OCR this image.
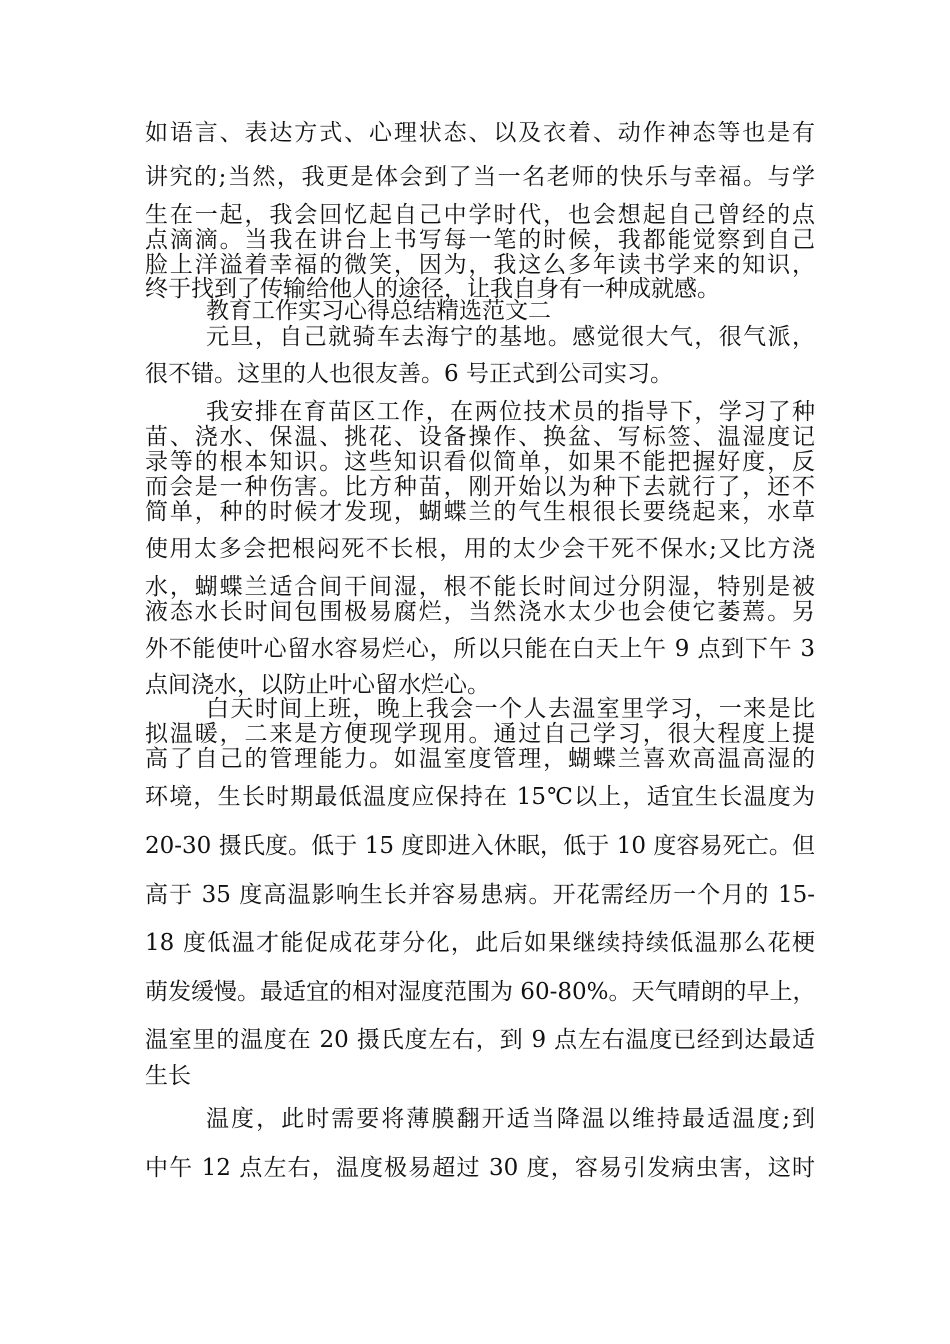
如语言、表达方式、心理状态、以及衣着、动作神态等也是有
讲究的;当然，我更是体会到了当一名老师的快乐与幸福。与学
生在一起，我会回忆起自己中学时代，也会想起自己曾经的点
点滴滴。当我在讲台上书写每一笔的时候，我都能觉察到自己
脸上洋溢着幸福的微笑，因为，我这么多年读书学来的知识，
终于找到了传输给他人的途径，让我自身有一种成就感。
教育工作实习心得总结精选范文二
元旦，自己就骑车去海宁的基地。感觉很大气，很气派，
很不错。这里的人也很友善。6 号正式到公司实习。
我安排在育苗区工作，在两位技术员的指导下，学习了种
苗、浇水、保温、挑花、设备操作、换盆、写标签、温湿度记
录等的根本知识。这些知识看似简单，如果不能把握好度，反
而会是一种伤害。比方种苗，刚开始以为种下去就行了，还不
简单，种的时候才发现，蝴蝶兰的气生根很长要绕起来，水草
使用太多会把根闷死不长根，用的太少会干死不保水;又比方浇
水，蝴蝶兰适合间干间湿，根不能长时间过分阴湿，特别是被
液态水长时间包围极易腐烂，当然浇水太少也会使它萎蔫。另
外不能使叶心留水容易烂心，所以只能在白天上午 9 点到下午 3
点间浇水，以防止叶心留水烂心。
白天时间上班，晚上我会一个人去温室里学习，一来是比
拟温暖，二来是方便现学现用。通过自己学习，很大程度上提
高了自己的管理能力。如温室度管理，蝴蝶兰喜欢高温高湿的
环境，生长时期最低温度应保持在 15℃以上，适宜生长温度为
20-30 摄氏度。低于 15 度即进入休眠，低于 10 度容易死亡。但
高于 35 度高温影响生长并容易患病。开花需经历一个月的 15-
18 度低温才能促成花芽分化，此后如果继续持续低温那么花梗
萌发缓慢。最适宜的相对湿度范围为 60-80%。天气晴朗的早上，
温室里的温度在 20 摄氏度左右，到 9 点左右温度已经到达最适
生长
温度，此时需要将薄膜翻开适当降温以维持最适温度;到
中午 12 点左右，温度极易超过 30 度，容易引发病虫害，这时
